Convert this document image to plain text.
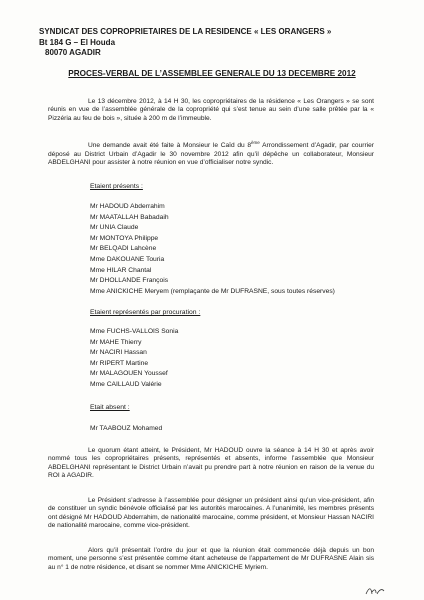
SYNDICAT DES COPROPRIETAIRES DE LA RESIDENCE « LES ORANGERS »
Bt 184 G – El Houda
80070 AGADIR
PROCES-VERBAL DE L’ASSEMBLEE GENERALE DU 13 DECEMBRE 2012
Le 13 décembre 2012, à 14 H 30, les copropriétaires de la résidence « Les Orangers » se sont réunis en vue de l’assemblée générale de la copropriété qui s’est tenue au sein d’une salle prêtée par la « Pizzéria au feu de bois », située à 200 m de l’immeuble.
Une demande avait été faite à Monsieur le Caïd du 8ème Arrondissement d’Agadir, par courrier déposé au District Urbain d’Agadir le 30 novembre 2012 afin qu’il dépêche un collaborateur, Monsieur ABDELGHANI pour assister à notre réunion en vue d’officialiser notre syndic.
Etaient présents :
Mr HADOUD Abderrahim
Mr MAATALLAH Babadaih
Mr UNIA Claude
Mr MONTOYA Philippe
Mr BELQADI Lahcène
Mme DAKOUANE Touria
Mme HILAR Chantal
Mr DHOLLANDE François
Mme ANICKICHE Meryem (remplaçante de Mr DUFRASNE, sous toutes réserves)
Etaient représentés par procuration :
Mme FUCHS-VALLOIS Sonia
Mr MAHE Thierry
Mr NACIRI Hassan
Mr RIPERT Martine
Mr MALAGOUEN Youssef
Mme CAILLAUD Valérie
Etait absent :
Mr TAABOUZ Mohamed
Le quorum étant atteint, le Président, Mr HADOUD ouvre la séance à 14 H 30 et après avoir nommé tous les copropriétaires présents, représentés et absents, informe l’assemblée que Monsieur ABDELGHANI représentant le District Urbain n’avait pu prendre part à notre réunion en raison de la venue du ROI à AGADIR.
Le Président s’adresse à l’assemblée pour désigner un président ainsi qu’un vice-président, afin de constituer un syndic bénévole officialisé par les autorités marocaines. A l’unanimité, les membres présents ont désigné Mr HADOUD Abderrahim, de nationalité marocaine, comme président, et Monsieur Hassan NACIRI de nationalité marocaine, comme vice-président.
Alors qu’il présentait l’ordre du jour et que la réunion était commencée déjà depuis un bon moment, une personne s’est présentée comme étant acheteuse de l’appartement de Mr DUFRASNE Alain sis au n° 1 de notre résidence, et disant se nommer Mme ANICKICHE Myriem.
